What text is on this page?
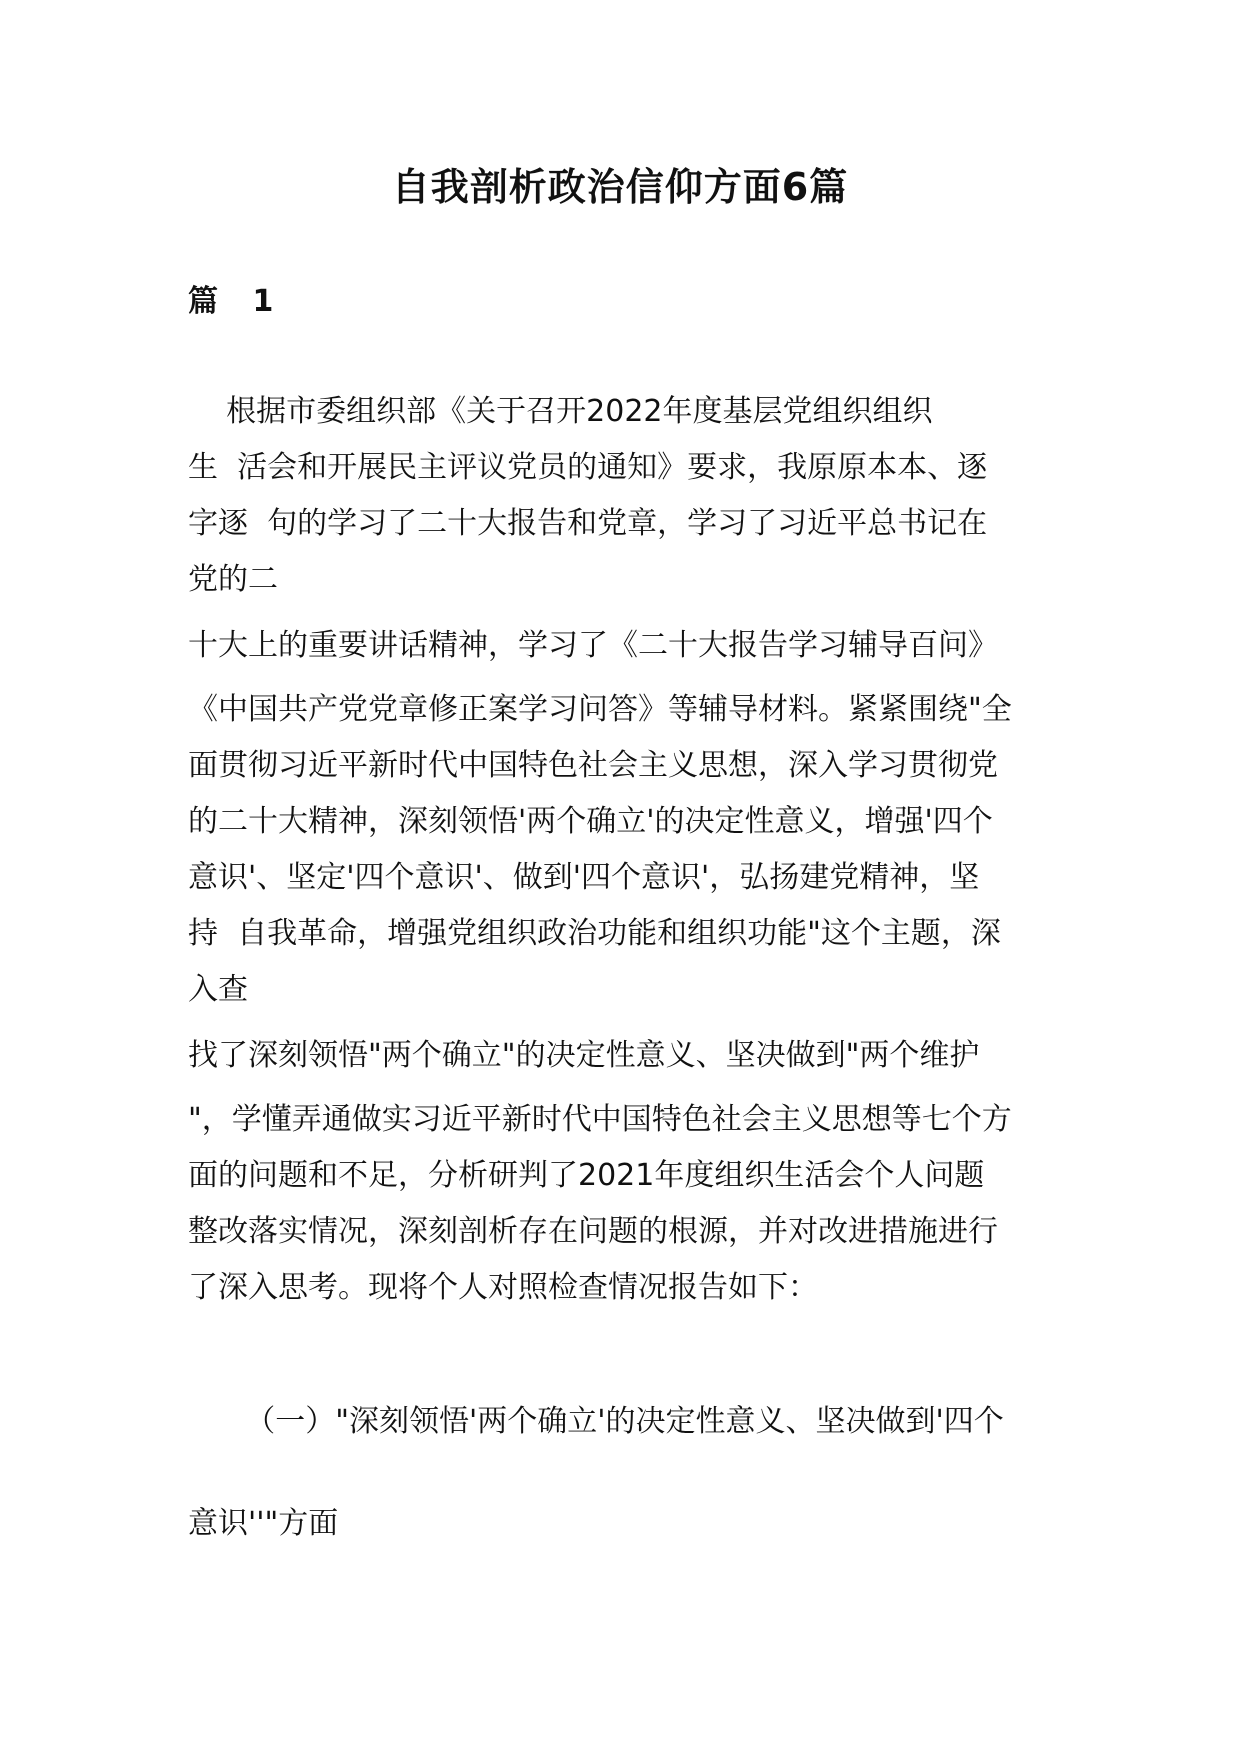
自我剖析政治信仰方面6篇
篇 1

根据市委组织部《关于召开2022年度基层党组织组织

生  活会和开展民主评议党员的通知》要求，我原原本本、逐

字逐  句的学习了二十大报告和党章，学习了习近平总书记在

党的二

十大上的重要讲话精神，学习了《二十大报告学习辅导百问》

《中国共产党党章修正案学习问答》等辅导材料。紧紧围绕"全

面贯彻习近平新时代中国特色社会主义思想，深入学习贯彻党

的二十大精神，深刻领悟'两个确立'的决定性意义，增强'四个

意识'、坚定'四个意识'、做到'四个意识'，弘扬建党精神，坚

持  自我革命，增强党组织政治功能和组织功能"这个主题，深

入查

找了深刻领悟"两个确立"的决定性意义、坚决做到"两个维护

"，学懂弄通做实习近平新时代中国特色社会主义思想等七个方

面的问题和不足，分析研判了2021年度组织生活会个人问题

整改落实情况，深刻剖析存在问题的根源，并对改进措施进行

了深入思考。现将个人对照检查情况报告如下：

（一）"深刻领悟'两个确立'的决定性意义、坚决做到'四个

意识''"方面
